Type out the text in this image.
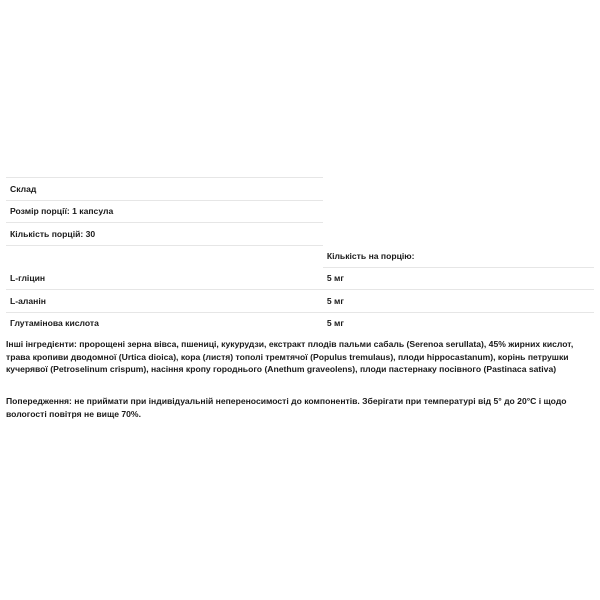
Склад	
Розмір порції: 1 капсула	
Кількість порцій: 30	
	Кількість на порцію:
L-гліцин	5 мг
L-аланін	5 мг
Глутамінова кислота	5 мг

Інші інгредієнти: пророщені зерна вівса, пшениці, кукурудзи, екстракт плодів пальми сабаль (Serenoa serullata), 45% жирних кислот, трава кропиви дводомної (Urtica dioica), кора (листя) тополі тремтячої (Populus tremulaus), плоди hippocastanum), корінь петрушки кучерявої (Petroselinum crispum), насіння кропу городнього (Anethum graveolens), плоди пастернаку посівного (Pastinaca sativa)

Попередження: не приймати при індивідуальній непереносимості до компонентів. Зберігати при температурі від 5° до 20°C і щодо вологості повітря не вище 70%.
